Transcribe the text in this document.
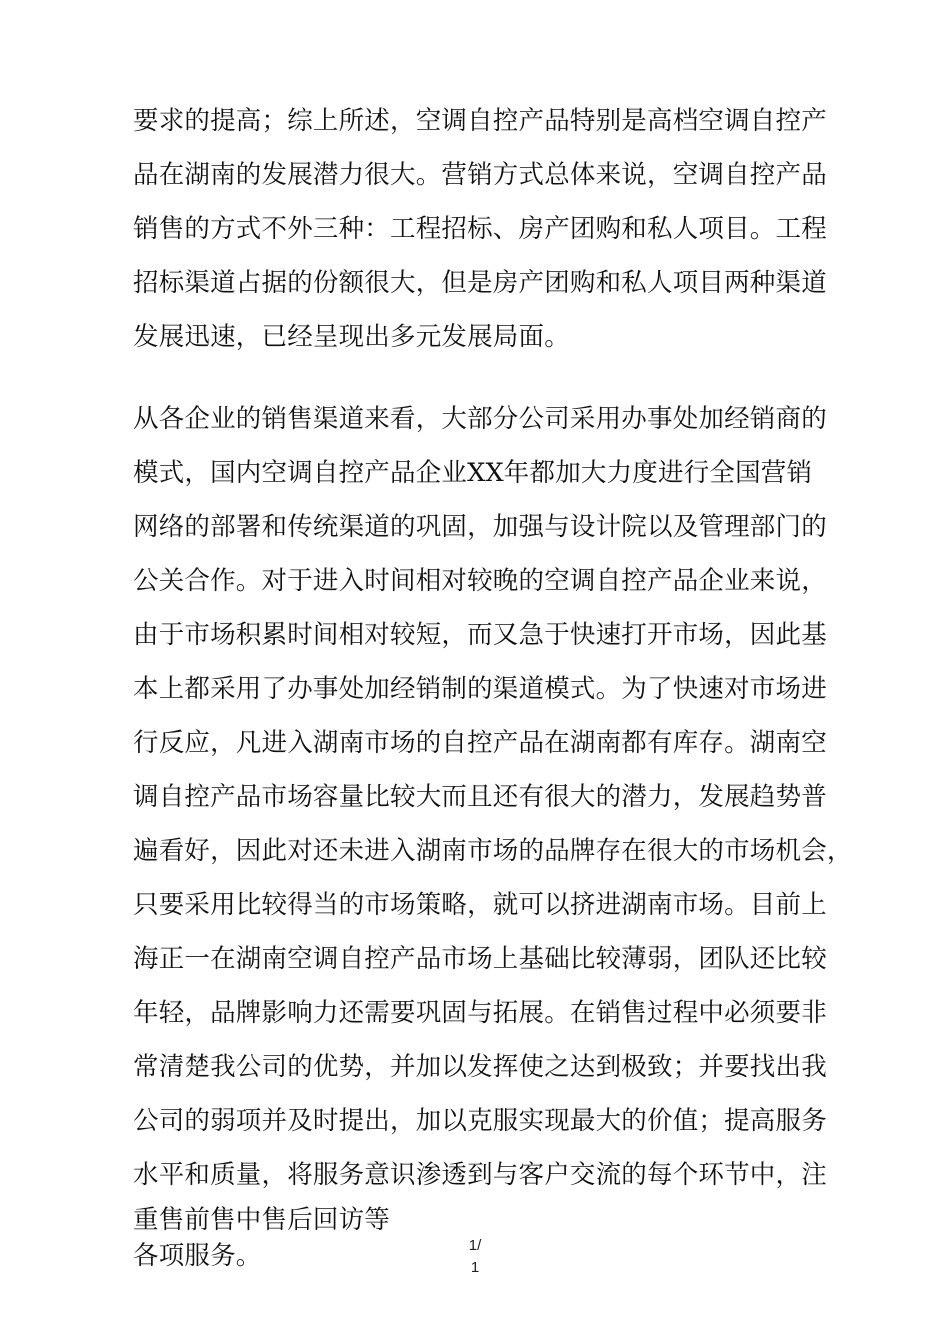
要求的提高；综上所述，空调自控产品特别是高档空调自控产
品在湖南的发展潜力很大。营销方式总体来说，空调自控产品
销售的方式不外三种：工程招标、房产团购和私人项目。工程
招标渠道占据的份额很大，但是房产团购和私人项目两种渠道
发展迅速，已经呈现出多元发展局面。
从各企业的销售渠道来看，大部分公司采用办事处加经销商的
模式，国内空调自控产品企业XX年都加大力度进行全国营销
网络的部署和传统渠道的巩固，加强与设计院以及管理部门的
公关合作。对于进入时间相对较晚的空调自控产品企业来说，
由于市场积累时间相对较短，而又急于快速打开市场，因此基
本上都采用了办事处加经销制的渠道模式。为了快速对市场进
行反应，凡进入湖南市场的自控产品在湖南都有库存。湖南空
调自控产品市场容量比较大而且还有很大的潜力，发展趋势普
遍看好，因此对还未进入湖南市场的品牌存在很大的市场机会，
只要采用比较得当的市场策略，就可以挤进湖南市场。目前上
海正一在湖南空调自控产品市场上基础比较薄弱，团队还比较
年轻，品牌影响力还需要巩固与拓展。在销售过程中必须要非
常清楚我公司的优势，并加以发挥使之达到极致；并要找出我
公司的弱项并及时提出，加以克服实现最大的价值；提高服务
水平和质量，将服务意识渗透到与客户交流的每个环节中，注
重售前售中售后回访等
各项服务。	1/
1
